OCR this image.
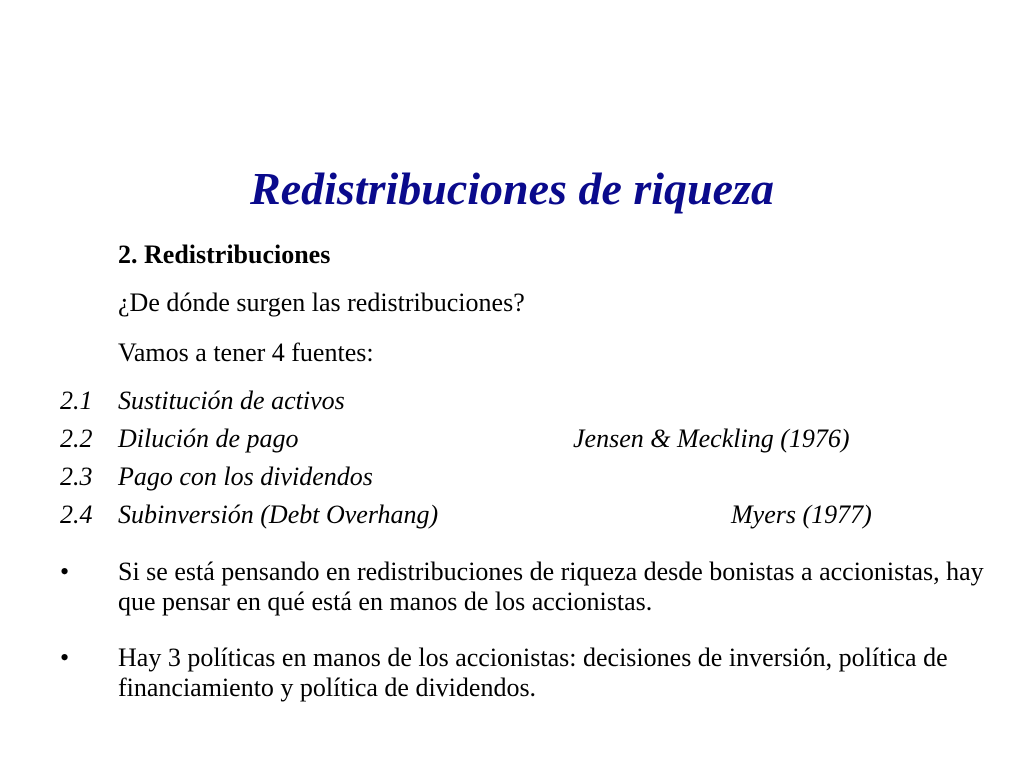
Redistribuciones de riqueza
2. Redistribuciones
¿De dónde surgen las redistribuciones?
Vamos a tener 4 fuentes:
2.1 Sustitución de activos
2.2 Dilución de pago	Jensen & Meckling (1976)
2.3 Pago con los dividendos
2.4 Subinversión (Debt Overhang)	Myers (1977)
• Si se está pensando en redistribuciones de riqueza desde bonistas a accionistas, hay que pensar en qué está en manos de los accionistas.
• Hay 3 políticas en manos de los accionistas: decisiones de inversión, política de financiamiento y política de dividendos.
